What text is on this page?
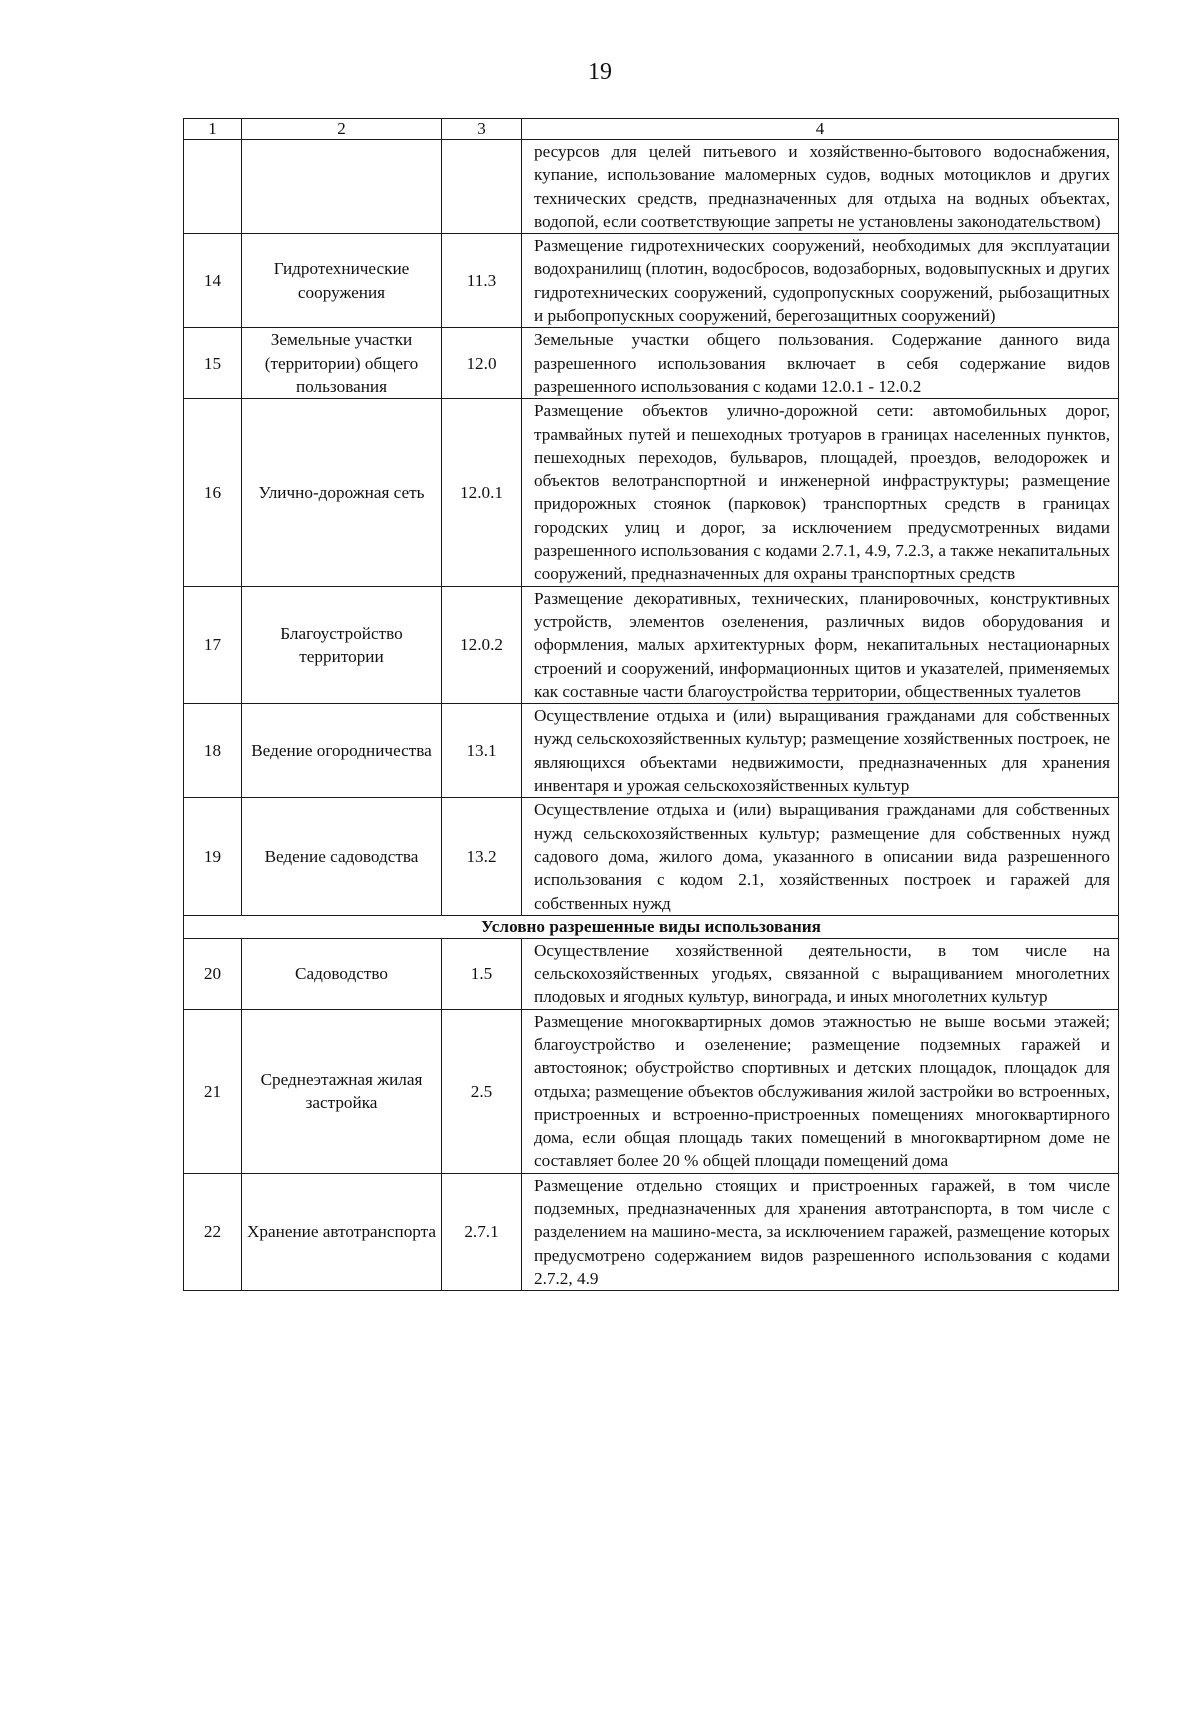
19
1	2	3	4
			ресурсов для целей питьевого и хозяйственно-бытового водоснабжения, купание, использование маломерных судов, водных мотоциклов и других технических средств, предназначенных для отдыха на водных объектах, водопой, если соответствующие запреты не установлены законодательством)
14	Гидротехнические сооружения	11.3	Размещение гидротехнических сооружений, необходимых для эксплуатации водохранилищ (плотин, водосбросов, водозаборных, водовыпускных и других гидротехнических сооружений, судопропускных сооружений, рыбозащитных и рыбопропускных сооружений, берегозащитных сооружений)
15	Земельные участки (территории) общего пользования	12.0	Земельные участки общего пользования. Содержание данного вида разрешенного использования включает в себя содержание видов разрешенного использования с кодами 12.0.1 - 12.0.2
16	Улично-дорожная сеть	12.0.1	Размещение объектов улично-дорожной сети: автомобильных дорог, трамвайных путей и пешеходных тротуаров в границах населенных пунктов, пешеходных переходов, бульваров, площадей, проездов, велодорожек и объектов велотранспортной и инженерной инфраструктуры; размещение придорожных стоянок (парковок) транспортных средств в границах городских улиц и дорог, за исключением предусмотренных видами разрешенного использования с кодами 2.7.1, 4.9, 7.2.3, а также некапитальных сооружений, предназначенных для охраны транспортных средств
17	Благоустройство территории	12.0.2	Размещение декоративных, технических, планировочных, конструктивных устройств, элементов озеленения, различных видов оборудования и оформления, малых архитектурных форм, некапитальных нестационарных строений и сооружений, информационных щитов и указателей, применяемых как составные части благоустройства территории, общественных туалетов
18	Ведение огородничества	13.1	Осуществление отдыха и (или) выращивания гражданами для собственных нужд сельскохозяйственных культур; размещение хозяйственных построек, не являющихся объектами недвижимости, предназначенных для хранения инвентаря и урожая сельскохозяйственных культур
19	Ведение садоводства	13.2	Осуществление отдыха и (или) выращивания гражданами для собственных нужд сельскохозяйственных культур; размещение для собственных нужд садового дома, жилого дома, указанного в описании вида разрешенного использования с кодом 2.1, хозяйственных построек и гаражей для собственных нужд
Условно разрешенные виды использования			
20	Садоводство	1.5	Осуществление хозяйственной деятельности, в том числе на сельскохозяйственных угодьях, связанной с выращиванием многолетних плодовых и ягодных культур, винограда, и иных многолетних культур
21	Среднеэтажная жилая застройка	2.5	Размещение многоквартирных домов этажностью не выше восьми этажей; благоустройство и озеленение; размещение подземных гаражей и автостоянок; обустройство спортивных и детских площадок, площадок для отдыха; размещение объектов обслуживания жилой застройки во встроенных, пристроенных и встроенно-пристроенных помещениях многоквартирного дома, если общая площадь таких помещений в многоквартирном доме не составляет более 20 % общей площади помещений дома
22	Хранение автотранспорта	2.7.1	Размещение отдельно стоящих и пристроенных гаражей, в том числе подземных, предназначенных для хранения автотранспорта, в том числе с разделением на машино-места, за исключением гаражей, размещение которых предусмотрено содержанием видов разрешенного использования с кодами 2.7.2, 4.9
